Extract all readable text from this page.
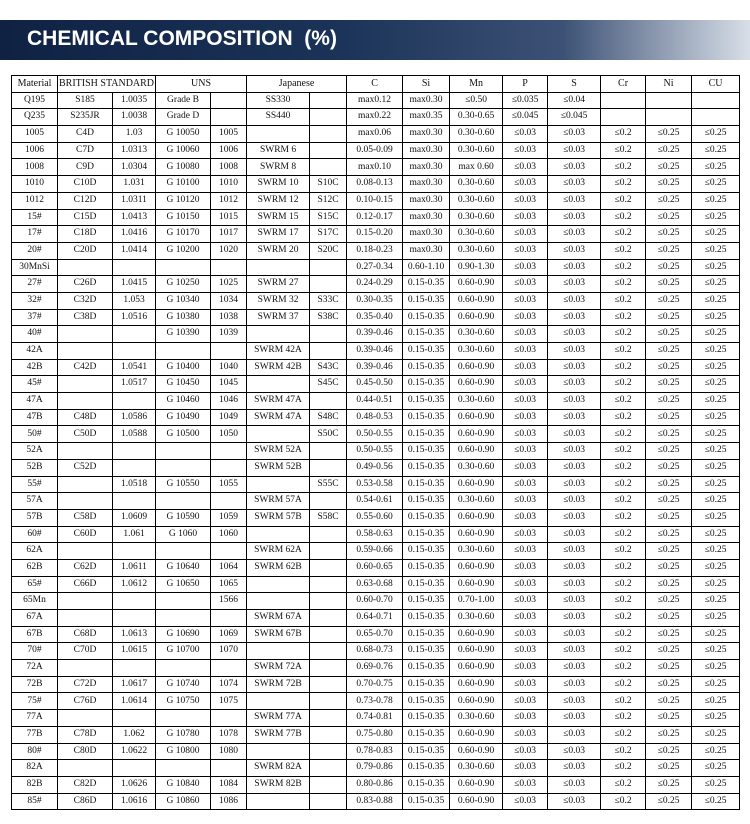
CHEMICAL COMPOSITION  (%)
Material	BRITISH STANDARD		UNS		Japanese		C	Si	Mn	P	S	Cr	Ni	CU
Q195	S185	1.0035	Grade B		SS330		max0.12	max0.30	≤0.50	≤0.035	≤0.04			
Q235	S235JR	1.0038	Grade D		SS440		max0.22	max0.35	0.30-0.65	≤0.045	≤0.045			
1005	C4D	1.03	G 10050	1005			max0.06	max0.30	0.30-0.60	≤0.03	≤0.03	≤0.2	≤0.25	≤0.25
1006	C7D	1.0313	G 10060	1006	SWRM 6		0.05-0.09	max0.30	0.30-0.60	≤0.03	≤0.03	≤0.2	≤0.25	≤0.25
1008	C9D	1.0304	G 10080	1008	SWRM 8		max0.10	max0.30	max 0.60	≤0.03	≤0.03	≤0.2	≤0.25	≤0.25
1010	C10D	1.031	G 10100	1010	SWRM 10	S10C	0.08-0.13	max0.30	0.30-0.60	≤0.03	≤0.03	≤0.2	≤0.25	≤0.25
1012	C12D	1.0311	G 10120	1012	SWRM 12	S12C	0.10-0.15	max0.30	0.30-0.60	≤0.03	≤0.03	≤0.2	≤0.25	≤0.25
15#	C15D	1.0413	G 10150	1015	SWRM 15	S15C	0.12-0.17	max0.30	0.30-0.60	≤0.03	≤0.03	≤0.2	≤0.25	≤0.25
17#	C18D	1.0416	G 10170	1017	SWRM 17	S17C	0.15-0.20	max0.30	0.30-0.60	≤0.03	≤0.03	≤0.2	≤0.25	≤0.25
20#	C20D	1.0414	G 10200	1020	SWRM 20	S20C	0.18-0.23	max0.30	0.30-0.60	≤0.03	≤0.03	≤0.2	≤0.25	≤0.25
30MnSi							0.27-0.34	0.60-1.10	0.90-1.30	≤0.03	≤0.03	≤0.2	≤0.25	≤0.25
27#	C26D	1.0415	G 10250	1025	SWRM 27		0.24-0.29	0.15-0.35	0.60-0.90	≤0.03	≤0.03	≤0.2	≤0.25	≤0.25
32#	C32D	1.053	G 10340	1034	SWRM 32	S33C	0.30-0.35	0.15-0.35	0.60-0.90	≤0.03	≤0.03	≤0.2	≤0.25	≤0.25
37#	C38D	1.0516	G 10380	1038	SWRM 37	S38C	0.35-0.40	0.15-0.35	0.60-0.90	≤0.03	≤0.03	≤0.2	≤0.25	≤0.25
40#			G 10390	1039			0.39-0.46	0.15-0.35	0.30-0.60	≤0.03	≤0.03	≤0.2	≤0.25	≤0.25
42A					SWRM 42A		0.39-0.46	0.15-0.35	0.30-0.60	≤0.03	≤0.03	≤0.2	≤0.25	≤0.25
42B	C42D	1.0541	G 10400	1040	SWRM 42B	S43C	0.39-0.46	0.15-0.35	0.60-0.90	≤0.03	≤0.03	≤0.2	≤0.25	≤0.25
45#		1.0517	G 10450	1045		S45C	0.45-0.50	0.15-0.35	0.60-0.90	≤0.03	≤0.03	≤0.2	≤0.25	≤0.25
47A			G 10460	1046	SWRM 47A		0.44-0.51	0.15-0.35	0.30-0.60	≤0.03	≤0.03	≤0.2	≤0.25	≤0.25
47B	C48D	1.0586	G 10490	1049	SWRM 47A	S48C	0.48-0.53	0.15-0.35	0.60-0.90	≤0.03	≤0.03	≤0.2	≤0.25	≤0.25
50#	C50D	1.0588	G 10500	1050		S50C	0.50-0.55	0.15-0.35	0.60-0.90	≤0.03	≤0.03	≤0.2	≤0.25	≤0.25
52A					SWRM 52A		0.50-0.55	0.15-0.35	0.60-0.90	≤0.03	≤0.03	≤0.2	≤0.25	≤0.25
52B	C52D				SWRM 52B		0.49-0.56	0.15-0.35	0.30-0.60	≤0.03	≤0.03	≤0.2	≤0.25	≤0.25
55#		1.0518	G 10550	1055		S55C	0.53-0.58	0.15-0.35	0.60-0.90	≤0.03	≤0.03	≤0.2	≤0.25	≤0.25
57A					SWRM 57A		0.54-0.61	0.15-0.35	0.30-0.60	≤0.03	≤0.03	≤0.2	≤0.25	≤0.25
57B	C58D	1.0609	G 10590	1059	SWRM 57B	S58C	0.55-0.60	0.15-0.35	0.60-0.90	≤0.03	≤0.03	≤0.2	≤0.25	≤0.25
60#	C60D	1.061	G 1060	1060			0.58-0.63	0.15-0.35	0.60-0.90	≤0.03	≤0.03	≤0.2	≤0.25	≤0.25
62A					SWRM 62A		0.59-0.66	0.15-0.35	0.30-0.60	≤0.03	≤0.03	≤0.2	≤0.25	≤0.25
62B	C62D	1.0611	G 10640	1064	SWRM 62B		0.60-0.65	0.15-0.35	0.60-0.90	≤0.03	≤0.03	≤0.2	≤0.25	≤0.25
65#	C66D	1.0612	G 10650	1065			0.63-0.68	0.15-0.35	0.60-0.90	≤0.03	≤0.03	≤0.2	≤0.25	≤0.25
65Mn				1566			0.60-0.70	0.15-0.35	0.70-1.00	≤0.03	≤0.03	≤0.2	≤0.25	≤0.25
67A					SWRM 67A		0.64-0.71	0.15-0.35	0.30-0.60	≤0.03	≤0.03	≤0.2	≤0.25	≤0.25
67B	C68D	1.0613	G 10690	1069	SWRM 67B		0.65-0.70	0.15-0.35	0.60-0.90	≤0.03	≤0.03	≤0.2	≤0.25	≤0.25
70#	C70D	1.0615	G 10700	1070			0.68-0.73	0.15-0.35	0.60-0.90	≤0.03	≤0.03	≤0.2	≤0.25	≤0.25
72A					SWRM 72A		0.69-0.76	0.15-0.35	0.60-0.90	≤0.03	≤0.03	≤0.2	≤0.25	≤0.25
72B	C72D	1.0617	G 10740	1074	SWRM 72B		0.70-0.75	0.15-0.35	0.60-0.90	≤0.03	≤0.03	≤0.2	≤0.25	≤0.25
75#	C76D	1.0614	G 10750	1075			0.73-0.78	0.15-0.35	0.60-0.90	≤0.03	≤0.03	≤0.2	≤0.25	≤0.25
77A					SWRM 77A		0.74-0.81	0.15-0.35	0.30-0.60	≤0.03	≤0.03	≤0.2	≤0.25	≤0.25
77B	C78D	1.062	G 10780	1078	SWRM 77B		0.75-0.80	0.15-0.35	0.60-0.90	≤0.03	≤0.03	≤0.2	≤0.25	≤0.25
80#	C80D	1.0622	G 10800	1080			0.78-0.83	0.15-0.35	0.60-0.90	≤0.03	≤0.03	≤0.2	≤0.25	≤0.25
82A					SWRM 82A		0.79-0.86	0.15-0.35	0.30-0.60	≤0.03	≤0.03	≤0.2	≤0.25	≤0.25
82B	C82D	1.0626	G 10840	1084	SWRM 82B		0.80-0.86	0.15-0.35	0.60-0.90	≤0.03	≤0.03	≤0.2	≤0.25	≤0.25
85#	C86D	1.0616	G 10860	1086			0.83-0.88	0.15-0.35	0.60-0.90	≤0.03	≤0.03	≤0.2	≤0.25	≤0.25
